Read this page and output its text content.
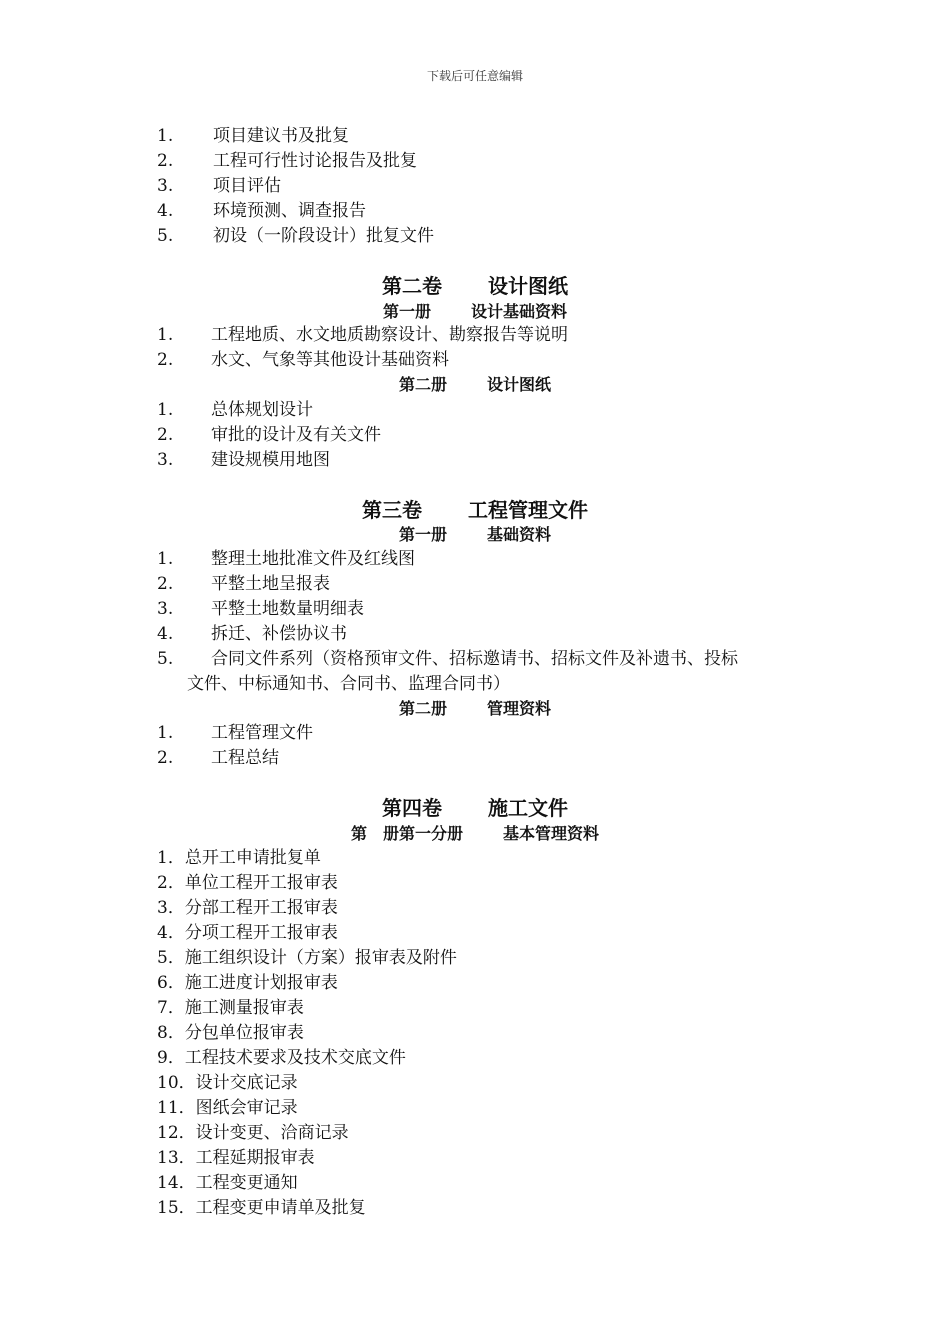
下载后可任意编辑
1. 项目建议书及批复
2. 工程可行性讨论报告及批复
3. 项目评估
4. 环境预测、调查报告
5. 初设（一阶段设计）批复文件
第二卷 设计图纸
第一册	设计基础资料
1. 工程地质、水文地质勘察设计、勘察报告等说明
2. 水文、气象等其他设计基础资料
第二册	设计图纸
1. 总体规划设计
2. 审批的设计及有关文件
3. 建设规模用地图
第三卷 工程管理文件
第一册	基础资料
1. 整理土地批准文件及红线图
2. 平整土地呈报表
3. 平整土地数量明细表
4. 拆迁、补偿协议书
5. 合同文件系列（资格预审文件、招标邀请书、招标文件及补遗书、投标
文件、中标通知书、合同书、监理合同书）
第二册	管理资料
1. 工程管理文件
2. 工程总结
第四卷 施工文件
第　册第一分册	基本管理资料
1．总开工申请批复单
2．单位工程开工报审表
3．分部工程开工报审表
4．分项工程开工报审表
5．施工组织设计（方案）报审表及附件
6．施工进度计划报审表
7．施工测量报审表
8．分包单位报审表
9．工程技术要求及技术交底文件
10．设计交底记录
11．图纸会审记录
12．设计变更、洽商记录
13．工程延期报审表
14．工程变更通知
15．工程变更申请单及批复
